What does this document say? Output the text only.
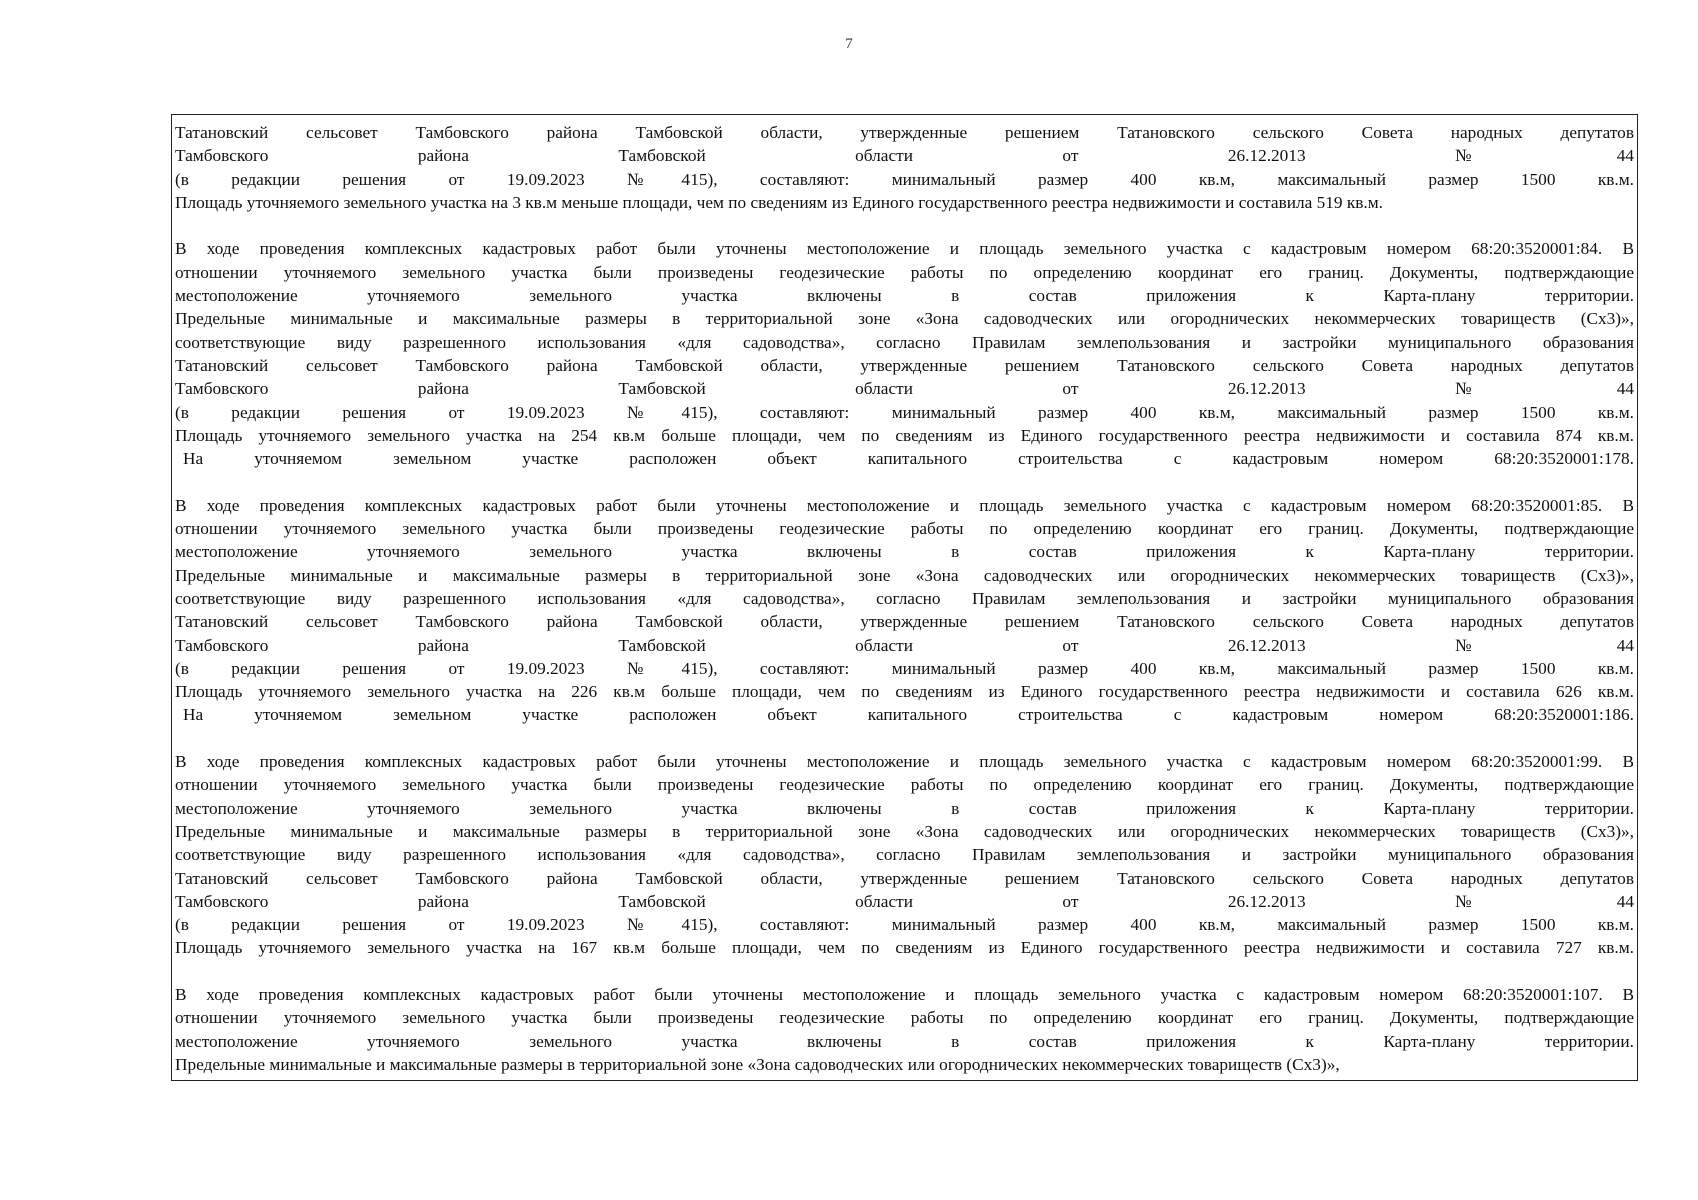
7
Татановский сельсовет Тамбовского района Тамбовской области, утвержденные решением Татановского сельского Совета народных депутатов
Тамбовского района Тамбовской области от 26.12.2013 №44
(в редакции решения от 19.09.2023 №415), составляют: минимальный размер 400 кв.м, максимальный размер 1500 кв.м.
Площадь уточняемого земельного участка на 3 кв.м меньше площади, чем по сведениям из Единого государственного реестра недвижимости и составила 519 кв.м.
В ходе проведения комплексных кадастровых работ были уточнены местоположение и площадь земельного участка с кадастровым номером 68:20:3520001:84. В
отношении уточняемого земельного участка были произведены геодезические работы по определению координат его границ. Документы, подтверждающие
местоположение уточняемого земельного участка включены в состав приложения к Карта-плану территории.
Предельные минимальные и максимальные размеры в территориальной зоне «Зона садоводческих или огороднических некоммерческих товариществ (Сх3)»,
соответствующие виду разрешенного использования «для садоводства», согласно Правилам землепользования и застройки муниципального образования
Татановский сельсовет Тамбовского района Тамбовской области, утвержденные решением Татановского сельского Совета народных депутатов
Тамбовского района Тамбовской области от 26.12.2013 №44
(в редакции решения от 19.09.2023 №415), составляют: минимальный размер 400 кв.м, максимальный размер 1500 кв.м.
Площадь уточняемого земельного участка на 254 кв.м больше площади, чем по сведениям из Единого государственного реестра недвижимости и составила 874 кв.м.
На уточняемом земельном участке расположен объект капитального строительства с кадастровым номером 68:20:3520001:178.
В ходе проведения комплексных кадастровых работ были уточнены местоположение и площадь земельного участка с кадастровым номером 68:20:3520001:85. В
отношении уточняемого земельного участка были произведены геодезические работы по определению координат его границ. Документы, подтверждающие
местоположение уточняемого земельного участка включены в состав приложения к Карта-плану территории.
Предельные минимальные и максимальные размеры в территориальной зоне «Зона садоводческих или огороднических некоммерческих товариществ (Сх3)»,
соответствующие виду разрешенного использования «для садоводства», согласно Правилам землепользования и застройки муниципального образования
Татановский сельсовет Тамбовского района Тамбовской области, утвержденные решением Татановского сельского Совета народных депутатов
Тамбовского района Тамбовской области от 26.12.2013 №44
(в редакции решения от 19.09.2023 №415), составляют: минимальный размер 400 кв.м, максимальный размер 1500 кв.м.
Площадь уточняемого земельного участка на 226 кв.м больше площади, чем по сведениям из Единого государственного реестра недвижимости и составила 626 кв.м.
На уточняемом земельном участке расположен объект капитального строительства с кадастровым номером 68:20:3520001:186.
В ходе проведения комплексных кадастровых работ были уточнены местоположение и площадь земельного участка с кадастровым номером 68:20:3520001:99. В
отношении уточняемого земельного участка были произведены геодезические работы по определению координат его границ. Документы, подтверждающие
местоположение уточняемого земельного участка включены в состав приложения к Карта-плану территории.
Предельные минимальные и максимальные размеры в территориальной зоне «Зона садоводческих или огороднических некоммерческих товариществ (Сх3)»,
соответствующие виду разрешенного использования «для садоводства», согласно Правилам землепользования и застройки муниципального образования
Татановский сельсовет Тамбовского района Тамбовской области, утвержденные решением Татановского сельского Совета народных депутатов
Тамбовского района Тамбовской области от 26.12.2013 №44
(в редакции решения от 19.09.2023 №415), составляют: минимальный размер 400 кв.м, максимальный размер 1500 кв.м.
Площадь уточняемого земельного участка на 167 кв.м больше площади, чем по сведениям из Единого государственного реестра недвижимости и составила 727 кв.м.
В ходе проведения комплексных кадастровых работ были уточнены местоположение и площадь земельного участка с кадастровым номером 68:20:3520001:107. В
отношении уточняемого земельного участка были произведены геодезические работы по определению координат его границ. Документы, подтверждающие
местоположение уточняемого земельного участка включены в состав приложения к Карта-плану территории.
Предельные минимальные и максимальные размеры в территориальной зоне «Зона садоводческих или огороднических некоммерческих товариществ (Сх3)»,
